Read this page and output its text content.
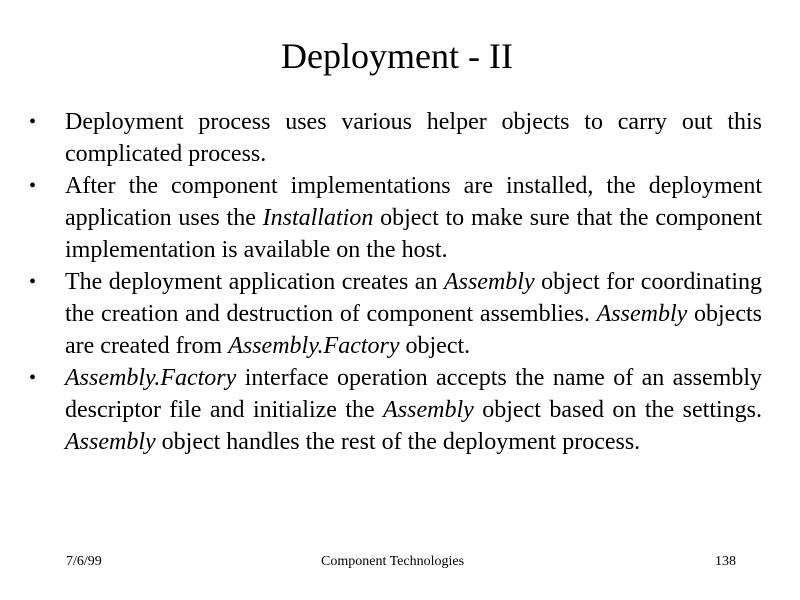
Deployment - II
•	Deployment process uses various helper objects to carry out this complicated process.
•	After the component implementations are installed, the deployment application uses the Installation object to make sure that the component implementation is available on the host.
•	The deployment application creates an Assembly object for coordinating the creation and destruction of component assemblies. Assembly objects are created from Assembly.Factory object.
•	Assembly.Factory interface operation accepts the name of an assembly descriptor file and initialize the Assembly object based on the settings. Assembly object handles the rest of the deployment process.
7/6/99	Component Technologies	138
